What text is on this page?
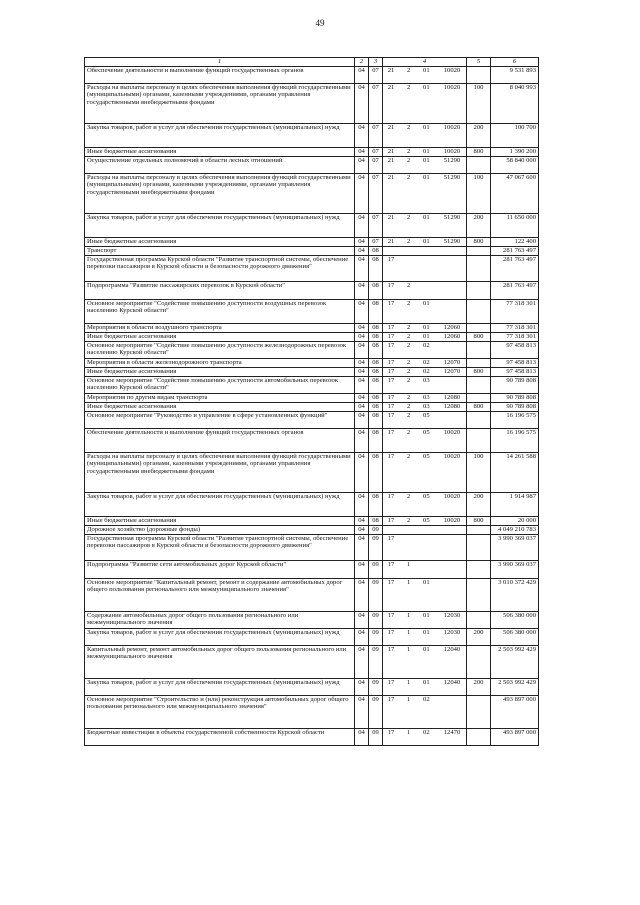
49
1	2	3	4	5	6
Обеспечение деятельности и выполнение функций государственных органов	04	07	21 2 01 10020		9 531 893
Расходы на выплаты персоналу в целях обеспечения выполнения функций государственными (муниципальными) органами, казенными учреждениями, органами управления государственными внебюджетными фондами	04	07	21 2 01 10020	100	8 040 993
Закупка товаров, работ и услуг для обеспечения государственных (муниципальных) нужд	04	07	21 2 01 10020	200	100 700
Иные бюджетные ассигнования	04	07	21 2 01 10020	800	1 390 200
Осуществление отдельных полномочий в области лесных отношений	04	07	21 2 01 51290		58 840 000
Расходы на выплаты персоналу в целях обеспечения выполнения функций государственными (муниципальными) органами, казенными учреждениями, органами управления государственными внебюджетными фондами	04	07	21 2 01 51290	100	47 067 600
Закупка товаров, работ и услуг для обеспечения государственных (муниципальных) нужд	04	07	21 2 01 51290	200	11 650 000
Иные бюджетные ассигнования	04	07	21 2 01 51290	800	122 400
Транспорт	04	08			281 763 497
Государственная программа Курской области "Развитие транспортной системы, обеспечение перевозки пассажиров в Курской области и безопасности дорожного движения"	04	08	17		281 763 497
Подпрограмма "Развитие пассажирских перевозок в Курской области"	04	08	17 2		281 763 497
Основное мероприятие "Содействие повышению доступности воздушных перевозок населению Курской области"	04	08	17 2 01		77 318 301
Мероприятия в области воздушного транспорта	04	08	17 2 01 12060		77 318 301
Иные бюджетные ассигнования	04	08	17 2 01 12060	800	77 318 301
Основное мероприятие "Содействие повышению доступности железнодорожных перевозок населению Курской области"	04	08	17 2 02		97 458 813
Мероприятия в области железнодорожного транспорта	04	08	17 2 02 12070		97 458 813
Иные бюджетные ассигнования	04	08	17 2 02 12070	800	97 458 813
Основное мероприятие "Содействие повышению доступности автомобильных перевозок населению Курской области"	04	08	17 2 03		90 789 808
Мероприятия по другим видам транспорта	04	08	17 2 03 12080		90 789 808
Иные бюджетные ассигнования	04	08	17 2 03 12080	800	90 789 808
Основное мероприятие "Руководство и управление в сфере установленных функций"	04	08	17 2 05		16 196 575
Обеспечение деятельности и выполнение функций государственных органов	04	08	17 2 05 10020		16 196 575
Расходы на выплаты персоналу в целях обеспечения выполнения функций государственными (муниципальными) органами, казенными учреждениями, органами управления государственными внебюджетными фондами	04	08	17 2 05 10020	100	14 261 588
Закупка товаров, работ и услуг для обеспечения государственных (муниципальных) нужд	04	08	17 2 05 10020	200	1 914 987
Иные бюджетные ассигнования	04	08	17 2 05 10020	800	20 000
Дорожное хозяйство (дорожные фонды)	04	09			4 049 210 783
Государственная программа Курской области "Развитие транспортной системы, обеспечение перевозки пассажиров в Курской области и безопасности дорожного движения"	04	09	17		3 990 369 037
Подпрограмма "Развитие сети автомобильных дорог Курской области"	04	09	17 1		3 990 369 037
Основное мероприятие "Капитальный ремонт, ремонт и содержание автомобильных дорог общего пользования регионального или межмуниципального значения"	04	09	17 1 01		3 010 372 429
Содержание автомобильных дорог общего пользования регионального или межмуниципального значения	04	09	17 1 01 12030		506 380 000
Закупка товаров, работ и услуг для обеспечения государственных (муниципальных) нужд	04	09	17 1 01 12030	200	506 380 000
Капитальный ремонт, ремонт автомобильных дорог общего пользования регионального или межмуниципального значения	04	09	17 1 01 12040		2 503 992 429
Закупка товаров, работ и услуг для обеспечения государственных (муниципальных) нужд	04	09	17 1 01 12040	200	2 503 992 429
Основное мероприятие "Строительство и (или) реконструкция автомобильных дорог общего пользования регионального или межмуниципального значения"	04	09	17 1 02		493 897 000
Бюджетные инвестиции в объекты государственной собственности Курской области	04	09	17 1 02 12470		493 897 000
